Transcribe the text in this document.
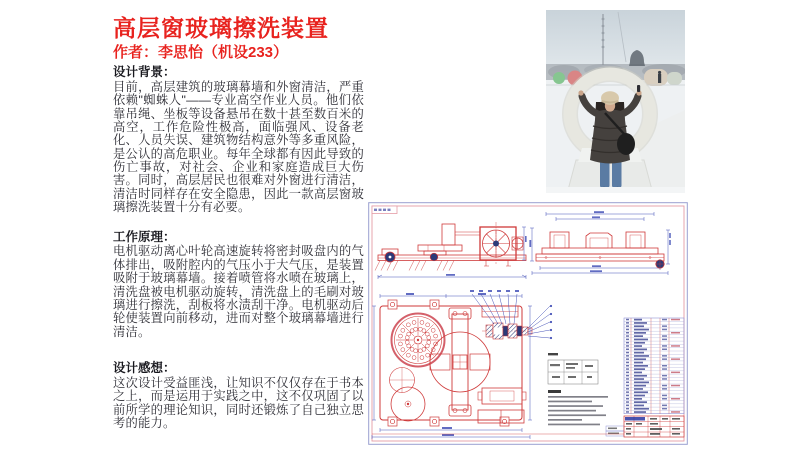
高层窗玻璃擦洗装置
作者：李思怡（机设233）
设计背景：

目前，高层建筑的玻璃幕墙和外窗清洁，严重依赖"蜘蛛人"——专业高空作业人员。他们依靠吊绳、坐板等设备悬吊在数十甚至数百米的高空，工作危险性极高，面临强风、设备老化、人员失误、建筑物结构意外等多重风险，是公认的高危职业。每年全球都有因此导致的伤亡事故，对社会、企业和家庭造成巨大伤害。同时，高层居民也很难对外窗进行清洁，清洁时同样存在安全隐患，因此一款高层窗玻璃擦洗装置十分有必要。

工作原理：

电机驱动离心叶轮高速旋转将密封吸盘内的气体排出，吸附腔内的气压小于大气压，是装置吸附于玻璃幕墙。接着喷管将水喷在玻璃上，清洗盘被电机驱动旋转，清洗盘上的毛刷对玻璃进行擦洗，刮板将水渍刮干净。电机驱动后轮使装置向前移动，进而对整个玻璃幕墙进行清洁。

设计感想：

这次设计受益匪浅，让知识不仅仅存在于书本之上，而是运用于实践之中，这不仅巩固了以前所学的理论知识，同时还锻炼了自己独立思考的能力。
